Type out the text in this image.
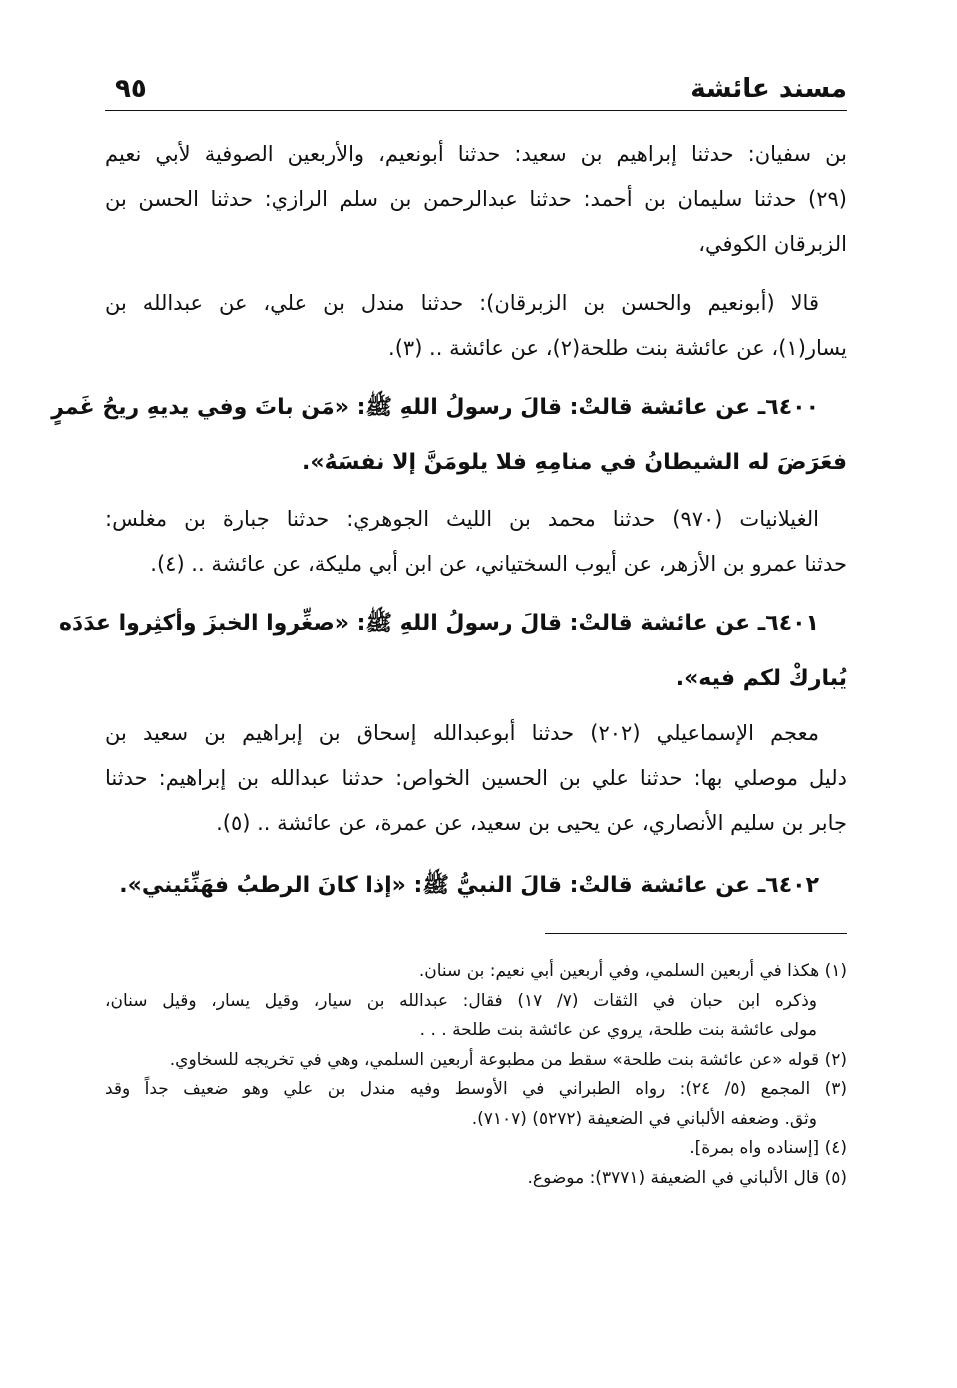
مسند عائشة
٩٥
بن سفيان: حدثنا إبراهيم بن سعيد: حدثنا أبونعيم، والأربعين الصوفية لأبي نعيم
(٢٩) حدثنا سليمان بن أحمد: حدثنا عبدالرحمن بن سلم الرازي: حدثنا الحسن بن
الزبرقان الكوفي،
قالا (أبونعيم والحسن بن الزبرقان): حدثنا مندل بن علي، عن عبدالله بن
يسار(١)، عن عائشة بنت طلحة(٢)، عن عائشة .. (٣).
٦٤٠٠ـ عن عائشة قالتْ: قالَ رسولُ اللهِ ﷺ: «مَن باتَ وفي يديهِ ريحُ غَمرٍ
فعَرَضَ له الشيطانُ في منامِهِ فلا يلومَنَّ إلا نفسَهُ».
الغيلانيات (٩٧٠) حدثنا محمد بن الليث الجوهري: حدثنا جبارة بن مغلس:
حدثنا عمرو بن الأزهر، عن أيوب السختياني، عن ابن أبي مليكة، عن عائشة .. (٤).
٦٤٠١ـ عن عائشة قالتْ: قالَ رسولُ اللهِ ﷺ: «صغِّروا الخبزَ وأكثِروا عدَدَه
يُباركْ لكم فيه».
معجم الإسماعيلي (٢٠٢) حدثنا أبوعبدالله إسحاق بن إبراهيم بن سعيد بن
دليل موصلي بها: حدثنا علي بن الحسين الخواص: حدثنا عبدالله بن إبراهيم: حدثنا
جابر بن سليم الأنصاري، عن يحيى بن سعيد، عن عمرة، عن عائشة .. (٥).
٦٤٠٢ـ عن عائشة قالتْ: قالَ النبيُّ ﷺ: «إذا كانَ الرطبُ فهَنِّئيني».
(١) هكذا في أربعين السلمي، وفي أربعين أبي نعيم: بن سنان.
وذكره ابن حبان في الثقات (٧/ ١٧) فقال: عبدالله بن سيار، وقيل يسار، وقيل سنان،
مولى عائشة بنت طلحة، يروي عن عائشة بنت طلحة . . .
(٢) قوله «عن عائشة بنت طلحة» سقط من مطبوعة أربعين السلمي، وهي في تخريجه للسخاوي.
(٣) المجمع (٥/ ٢٤): رواه الطبراني في الأوسط وفيه مندل بن علي وهو ضعيف جداً وقد
وثق. وضعفه الألباني في الضعيفة (٥٢٧٢) (٧١٠٧).
(٤) [إسناده واه بمرة].
(٥) قال الألباني في الضعيفة (٣٧٧١): موضوع.
